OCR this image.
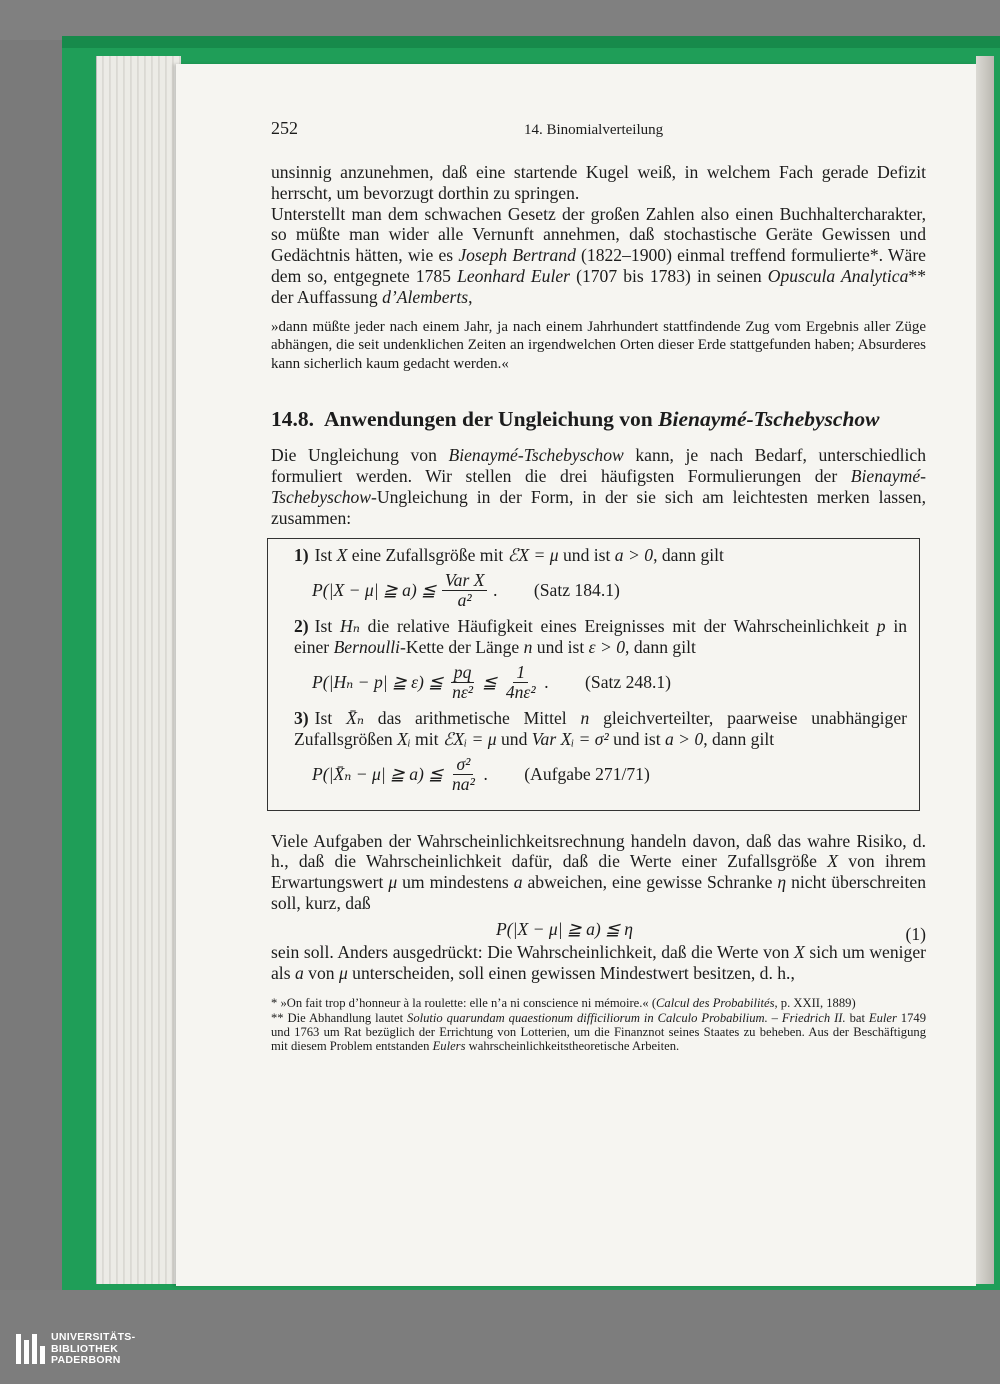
252	14. Binomialverteilung

unsinnig anzunehmen, daß eine startende Kugel weiß, in welchem Fach gerade Defizit herrscht, um bevorzugt dorthin zu springen.

Unterstellt man dem schwachen Gesetz der großen Zahlen also einen Buchhaltercharakter, so müßte man wider alle Vernunft annehmen, daß stochastische Geräte Gewissen und Gedächtnis hätten, wie es Joseph Bertrand (1822–1900) einmal treffend formulierte*. Wäre dem so, entgegnete 1785 Leonhard Euler (1707 bis 1783) in seinen Opuscula Analytica** der Auffassung d’Alemberts,

»dann müßte jeder nach einem Jahr, ja nach einem Jahrhundert stattfindende Zug vom Ergebnis aller Züge abhängen, die seit undenklichen Zeiten an irgendwelchen Orten dieser Erde stattgefunden haben; Absurderes kann sicherlich kaum gedacht werden.«

14.8. Anwendungen der Ungleichung von Bienaymé-Tschebyschow

Die Ungleichung von Bienaymé-Tschebyschow kann, je nach Bedarf, unterschiedlich formuliert werden. Wir stellen die drei häufigsten Formulierungen der Bienaymé-Tschebyschow-Ungleichung in der Form, in der sie sich am leichtesten merken lassen, zusammen:

1) Ist X eine Zufallsgröße mit ℰX = μ und ist a > 0, dann gilt
P(|X − μ| ≧ a) ≦ $\frac{\text{Var X}}{\text{a²}}$ . (Satz 184.1)
2) Ist Hₙ die relative Häufigkeit eines Ereignisses mit der Wahrscheinlichkeit p in einer Bernoulli-Kette der Länge n und ist ε > 0, dann gilt
P(|Hₙ − p| ≧ ε) ≦ $\frac{pq}{\text{nε²}}$ ≦ $\frac{1}{\text{4nε²}}$ . (Satz 248.1)
3) Ist X̄ₙ das arithmetische Mittel n gleichverteilter, paarweise unabhängiger Zufallsgrößen Xᵢ mit ℰXᵢ = μ und Var Xᵢ = σ² und ist a > 0, dann gilt
P(|X̄ₙ − μ| ≧ a) ≦ $\frac{\text{σ²}}{\text{na²}}$ . (Aufgabe 271/71)

Viele Aufgaben der Wahrscheinlichkeitsrechnung handeln davon, daß das wahre Risiko, d. h., daß die Wahrscheinlichkeit dafür, daß die Werte einer Zufallsgröße X von ihrem Erwartungswert μ um mindestens a abweichen, eine gewisse Schranke η nicht überschreiten soll, kurz, daß

P(|X − μ| ≧ a) ≦ η	(1)

sein soll. Anders ausgedrückt: Die Wahrscheinlichkeit, daß die Werte von X sich um weniger als a von μ unterscheiden, soll einen gewissen Mindestwert besitzen, d. h.,

* »On fait trop d’honneur à la roulette: elle n’a ni conscience ni mémoire.« (Calcul des Probabilités, p. XXII, 1889)

** Die Abhandlung lautet Solutio quarundam quaestionum difficiliorum in Calculo Probabilium. – Friedrich II. bat Euler 1749 und 1763 um Rat bezüglich der Errichtung von Lotterien, um die Finanznot seines Staates zu beheben. Aus der Beschäftigung mit diesem Problem entstanden Eulers wahrscheinlichkeitstheoretische Arbeiten.

UNIVERSITÄTS-
BIBLIOTHEK
PADERBORN
